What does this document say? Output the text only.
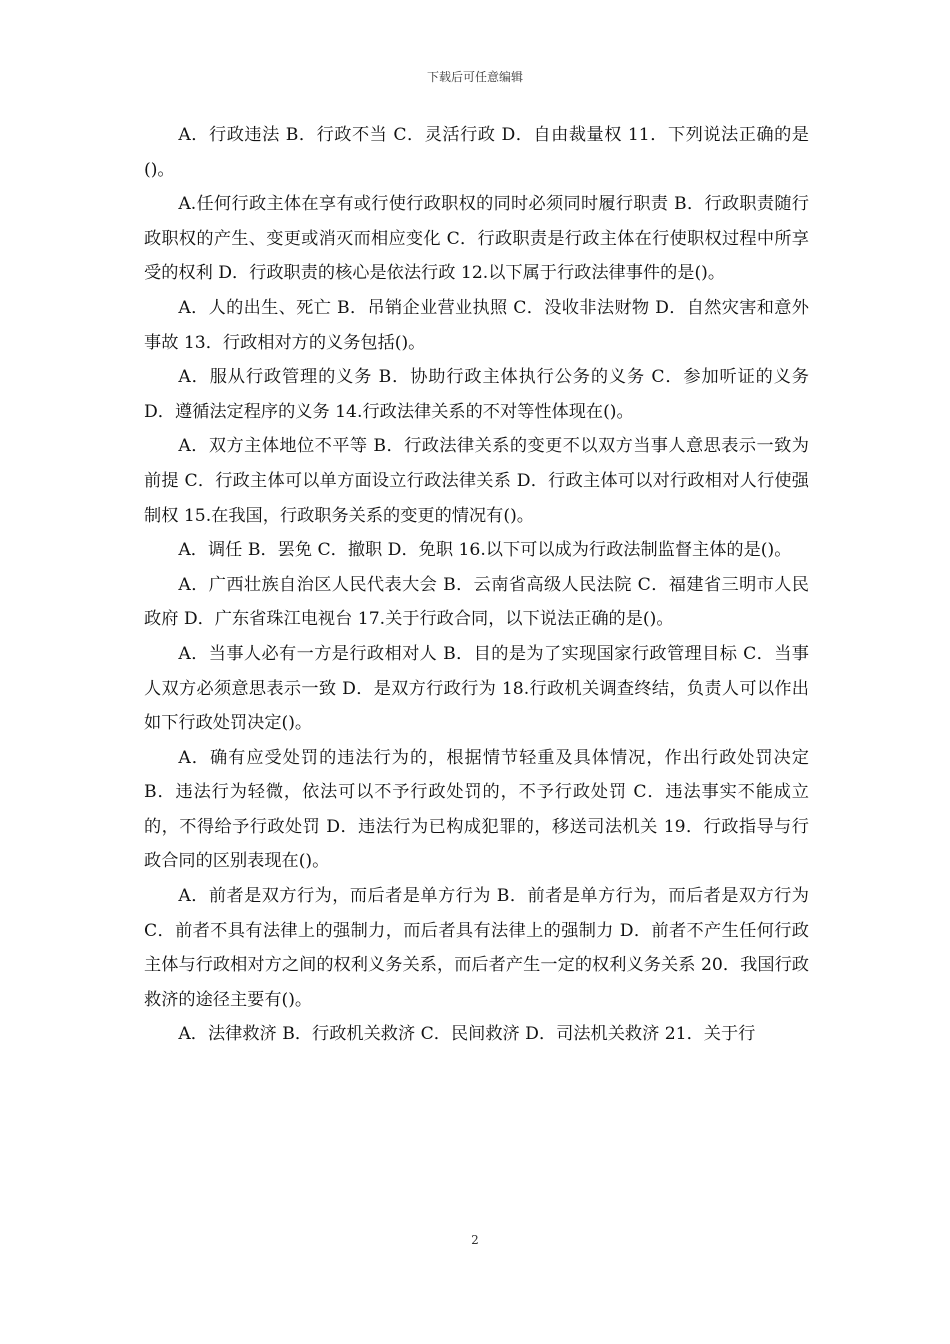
下载后可任意编辑

A．行政违法 B．行政不当 C．灵活行政 D．自由裁量权 11．下列说法正确的是()。

A.任何行政主体在享有或行使行政职权的同时必须同时履行职责 B．行政职责随行政职权的产生、变更或消灭而相应变化 C．行政职责是行政主体在行使职权过程中所享受的权利 D．行政职责的核心是依法行政 12.以下属于行政法律事件的是()。

A．人的出生、死亡 B．吊销企业营业执照 C．没收非法财物 D．自然灾害和意外事故 13．行政相对方的义务包括()。

A．服从行政管理的义务 B．协助行政主体执行公务的义务 C．参加听证的义务 D．遵循法定程序的义务 14.行政法律关系的不对等性体现在()。

A．双方主体地位不平等 B．行政法律关系的变更不以双方当事人意思表示一致为前提 C．行政主体可以单方面设立行政法律关系 D．行政主体可以对行政相对人行使强制权 15.在我国，行政职务关系的变更的情况有()。

A．调任 B．罢免 C．撤职 D．免职 16.以下可以成为行政法制监督主体的是()。

A．广西壮族自治区人民代表大会 B．云南省高级人民法院 C．福建省三明市人民政府 D．广东省珠江电视台 17.关于行政合同，以下说法正确的是()。

A．当事人必有一方是行政相对人 B．目的是为了实现国家行政管理目标 C．当事人双方必须意思表示一致 D．是双方行政行为 18.行政机关调查终结，负责人可以作出如下行政处罚决定()。

A．确有应受处罚的违法行为的，根据情节轻重及具体情况，作出行政处罚决定 B．违法行为轻微，依法可以不予行政处罚的，不予行政处罚 C．违法事实不能成立的，不得给予行政处罚 D．违法行为已构成犯罪的，移送司法机关 19．行政指导与行政合同的区别表现在()。

A．前者是双方行为，而后者是单方行为 B．前者是单方行为，而后者是双方行为 C．前者不具有法律上的强制力，而后者具有法律上的强制力 D．前者不产生任何行政主体与行政相对方之间的权利义务关系，而后者产生一定的权利义务关系 20．我国行政救济的途径主要有()。

A．法律救济 B．行政机关救济 C．民间救济 D．司法机关救济 21．关于行

2
